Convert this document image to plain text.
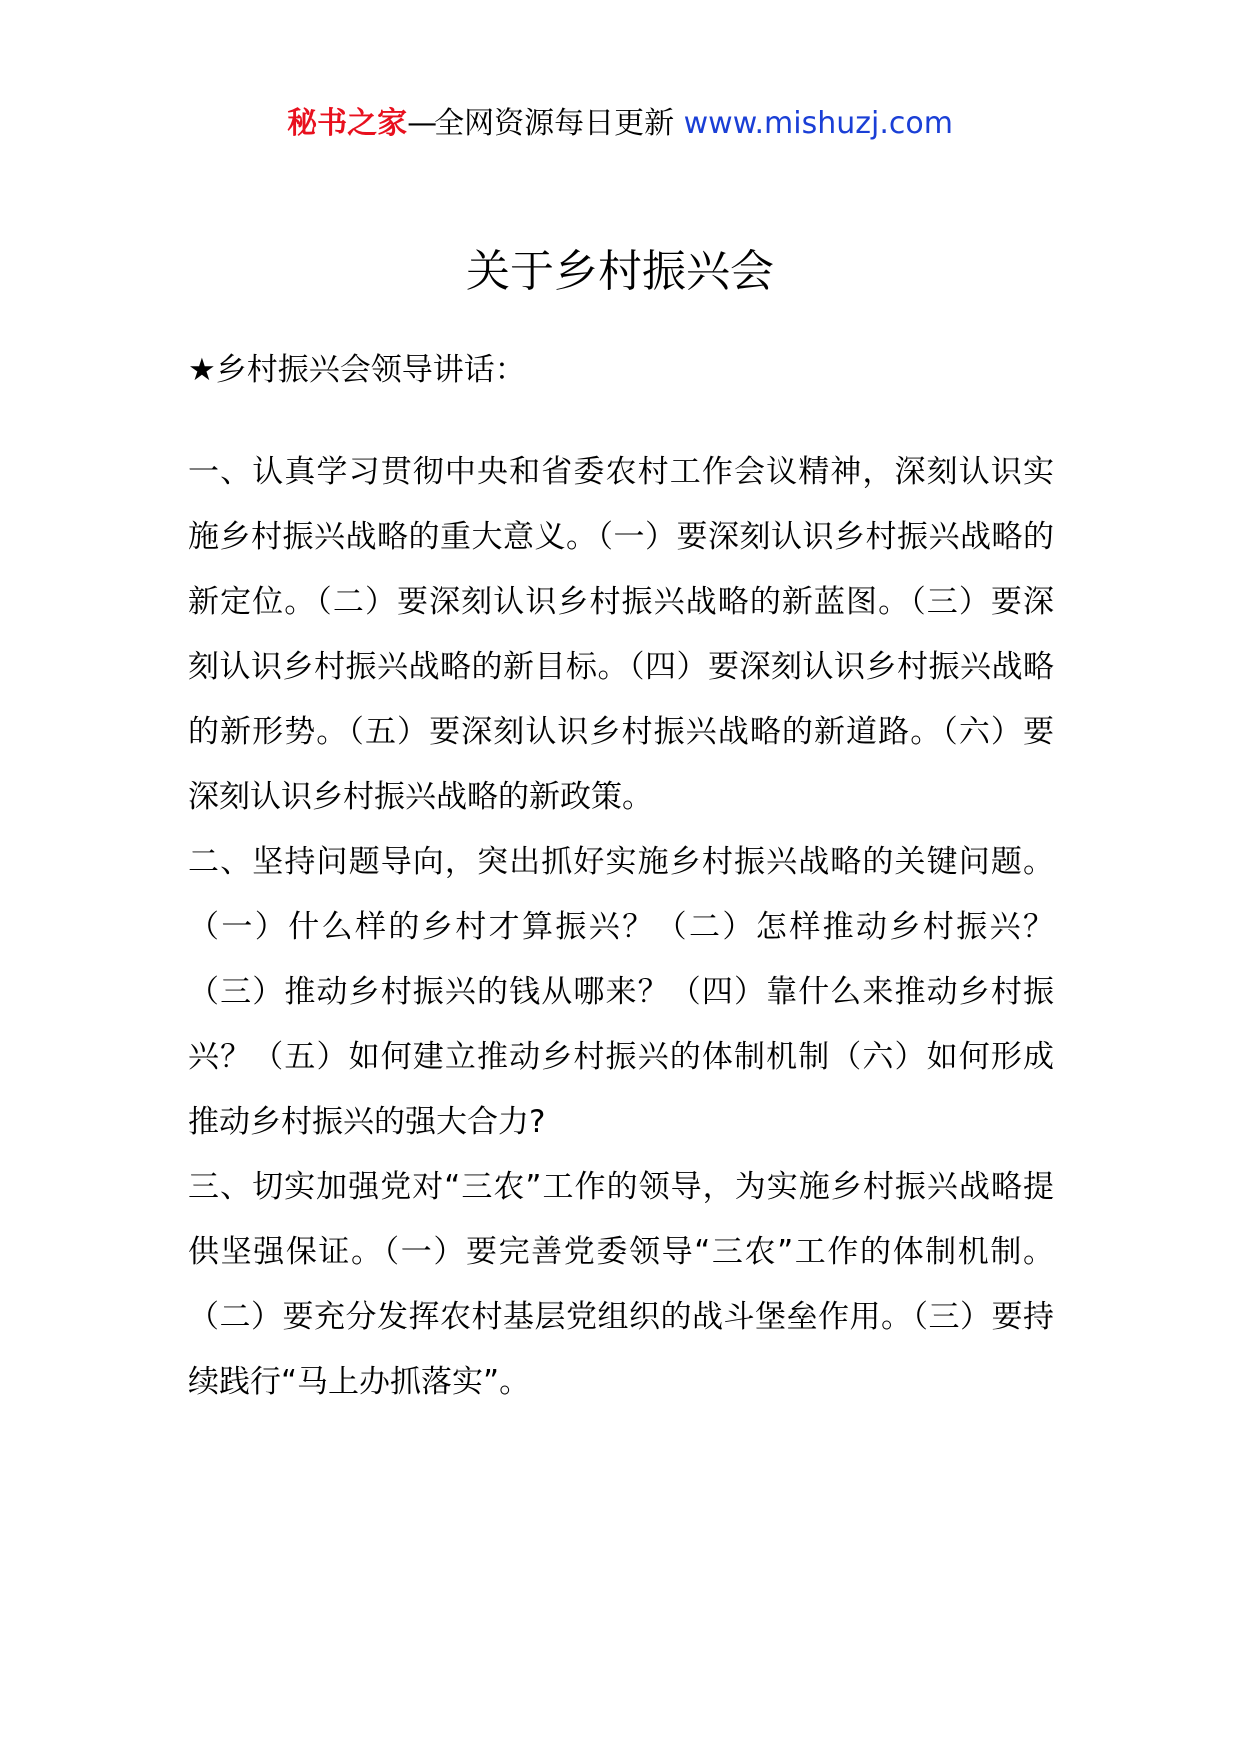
秘书之家—全网资源每日更新 www.mishuzj.com
关于乡村振兴会

★乡村振兴会领导讲话：

一、认真学习贯彻中央和省委农村工作会议精神，深刻认识实施乡村振兴战略的重大意义。（一）要深刻认识乡村振兴战略的新定位。（二）要深刻认识乡村振兴战略的新蓝图。（三）要深刻认识乡村振兴战略的新目标。（四）要深刻认识乡村振兴战略的新形势。（五）要深刻认识乡村振兴战略的新道路。（六）要深刻认识乡村振兴战略的新政策。

二、坚持问题导向，突出抓好实施乡村振兴战略的关键问题。（一）什么样的乡村才算振兴？（二）怎样推动乡村振兴？（三）推动乡村振兴的钱从哪来？（四）靠什么来推动乡村振兴？（五）如何建立推动乡村振兴的体制机制（六）如何形成推动乡村振兴的强大合力?

三、切实加强党对“三农”工作的领导，为实施乡村振兴战略提供坚强保证。（一）要完善党委领导“三农”工作的体制机制。（二）要充分发挥农村基层党组织的战斗堡垒作用。（三）要持续践行“马上办抓落实”。
